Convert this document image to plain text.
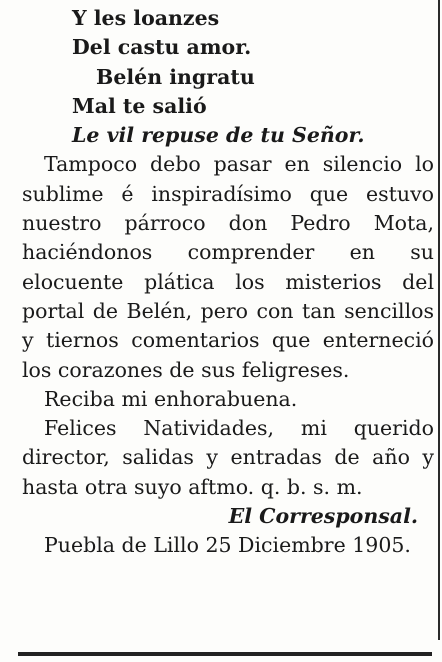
Y les loanzes
Del castu amor.
Belén ingratu
Mal te salió
Le vil repuse de tu Señor.

Tampoco debo pasar en silencio lo sublime é inspiradísimo que estuvo nuestro párroco don Pedro Mota, haciéndonos comprender en su elocuente plática los misterios del portal de Belén, pero con tan sencillos y tiernos comentarios que enterneció los corazones de sus feligreses.

Reciba mi enhorabuena.

Felices Natividades, mi querido director, salidas y entradas de año y hasta otra suyo aftmo. q. b. s. m.

El Corresponsal.

Puebla de Lillo 25 Diciembre 1905.
